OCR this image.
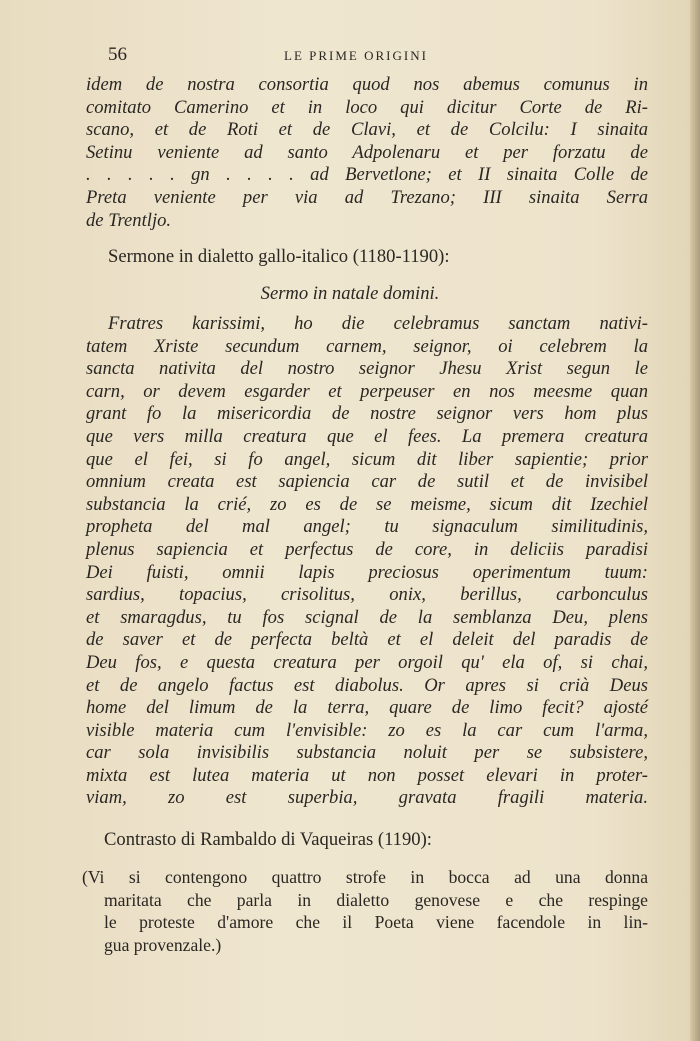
56	LE PRIME ORIGINI
idem de nostra consortia quod nos abemus comunus in
comitato Camerino et in loco qui dicitur Corte de Ri-
scano, et de Roti et de Clavi, et de Colcilu: I sinaita
Setinu veniente ad santo Adpolenaru et per forzatu de
. . . . . gn . . . . ad Bervetlone; et II sinaita Colle de
Preta veniente per via ad Trezano; III sinaita Serra
de Trentljo.
Sermone in dialetto gallo-italico (1180-1190):
Sermo in natale domini.
Fratres karissimi, ho die celebramus sanctam nativi-
tatem Xriste secundum carnem, seignor, oi celebrem la
sancta nativita del nostro seignor Jhesu Xrist segun le
carn, or devem esgarder et perpeuser en nos meesme quan
grant fo la misericordia de nostre seignor vers hom plus
que vers milla creatura que el fees. La premera creatura
que el fei, si fo angel, sicum dit liber sapientie; prior
omnium creata est sapiencia car de sutil et de invisibel
substancia la crié, zo es de se meisme, sicum dit Izechiel
propheta del mal angel; tu signaculum similitudinis,
plenus sapiencia et perfectus de core, in deliciis paradisi
Dei fuisti, omnii lapis preciosus operimentum tuum:
sardius, topacius, crisolitus, onix, berillus, carbonculus
et smaragdus, tu fos scignal de la semblanza Deu, plens
de saver et de perfecta beltà et el deleit del paradis de
Deu fos, e questa creatura per orgoil qu' ela of, si chai,
et de angelo factus est diabolus. Or apres si crià Deus
home del limum de la terra, quare de limo fecit? ajosté
visible materia cum l'envisible: zo es la car cum l'arma,
car sola invisibilis substancia noluit per se subsistere,
mixta est lutea materia ut non posset elevari in proter-
viam, zo est superbia, gravata fragili materia.
Contrasto di Rambaldo di Vaqueiras (1190):
(Vi si contengono quattro strofe in bocca ad una donna
maritata che parla in dialetto genovese e che respinge
le proteste d'amore che il Poeta viene facendole in lin-
gua provenzale.)
